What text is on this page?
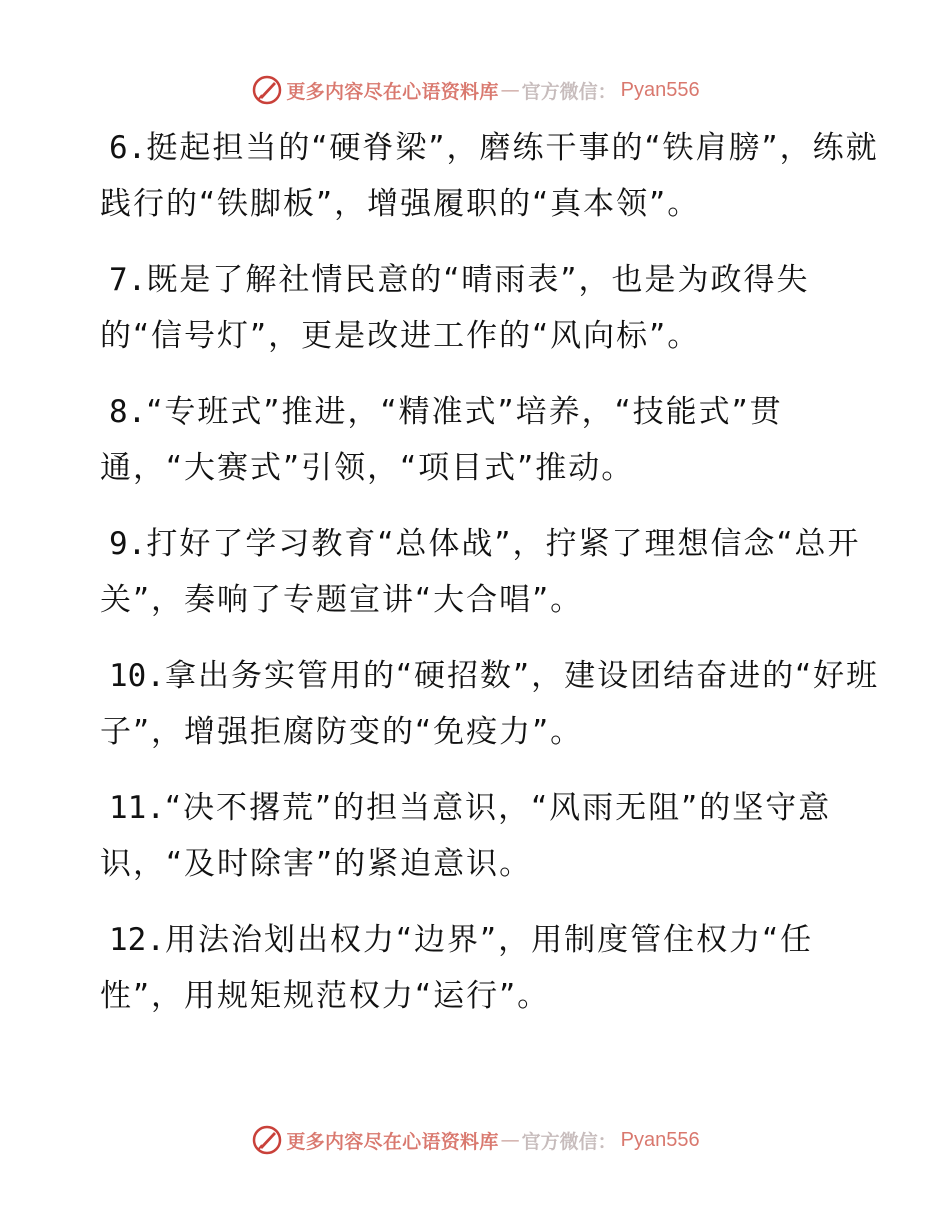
更多内容尽在心语资料库 — 官方微信： Pyan556

6.挺起担当的“硬脊梁”，磨练干事的“铁肩膀”，练就践行的“铁脚板”，增强履职的“真本领”。

7.既是了解社情民意的“晴雨表”，也是为政得失的“信号灯”，更是改进工作的“风向标”。

8.“专班式”推进，“精准式”培养，“技能式”贯通，“大赛式”引领，“项目式”推动。

9.打好了学习教育“总体战”，拧紧了理想信念“总开关”，奏响了专题宣讲“大合唱”。

10.拿出务实管用的“硬招数”，建设团结奋进的“好班子”，增强拒腐防变的“免疫力”。

11.“决不撂荒”的担当意识，“风雨无阻”的坚守意识，“及时除害”的紧迫意识。

12.用法治划出权力“边界”，用制度管住权力“任性”，用规矩规范权力“运行”。

更多内容尽在心语资料库 — 官方微信： Pyan556
